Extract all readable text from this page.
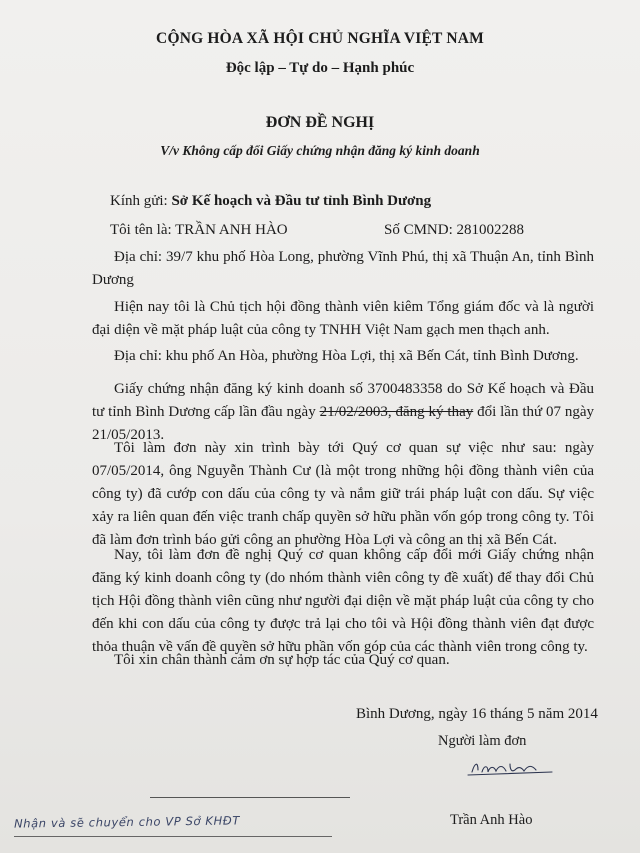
CỘNG HÒA XÃ HỘI CHỦ NGHĨA VIỆT NAM
Độc lập – Tự do – Hạnh phúc
ĐƠN ĐỀ NGHỊ
V/v Không cấp đổi Giấy chứng nhận đăng ký kinh doanh
Kính gửi: Sở Kế hoạch và Đầu tư tỉnh Bình Dương
Tôi tên là: TRẦN ANH HÀO	Số CMND: 281002288
Địa chỉ: 39/7 khu phố Hòa Long, phường Vĩnh Phú, thị xã Thuận An, tỉnh Bình Dương
Hiện nay tôi là Chủ tịch hội đồng thành viên kiêm Tổng giám đốc và là người đại diện về mặt pháp luật của công ty TNHH Việt Nam gạch men thạch anh.
Địa chỉ: khu phố An Hòa, phường Hòa Lợi, thị xã Bến Cát, tỉnh Bình Dương.
Giấy chứng nhận đăng ký kinh doanh số 3700483358 do Sở Kế hoạch và Đầu tư tỉnh Bình Dương cấp lần đầu ngày 21/02/2003, đăng ký thay đổi lần thứ 07 ngày 21/05/2013.
Tôi làm đơn này xin trình bày tới Quý cơ quan sự việc như sau: ngày 07/05/2014, ông Nguyễn Thành Cư (là một trong những hội đồng thành viên của công ty) đã cướp con dấu của công ty và nắm giữ trái pháp luật con dấu. Sự việc xảy ra liên quan đến việc tranh chấp quyền sở hữu phần vốn góp trong công ty. Tôi đã làm đơn trình báo gửi công an phường Hòa Lợi và công an thị xã Bến Cát.
Nay, tôi làm đơn đề nghị Quý cơ quan không cấp đổi mới Giấy chứng nhận đăng ký kinh doanh công ty (do nhóm thành viên công ty đề xuất) để thay đổi Chủ tịch Hội đồng thành viên cũng như người đại diện về mặt pháp luật của công ty cho đến khi con dấu của công ty được trả lại cho tôi và Hội đồng thành viên đạt được thỏa thuận về vấn đề quyền sở hữu phần vốn góp của các thành viên trong công ty.
Tôi xin chân thành cảm ơn sự hợp tác của Quý cơ quan.
Bình Dương, ngày 16 tháng 5 năm 2014
Người làm đơn
Trần Anh Hào
Nhận và sẽ chuyển cho VP Sở KHĐT
